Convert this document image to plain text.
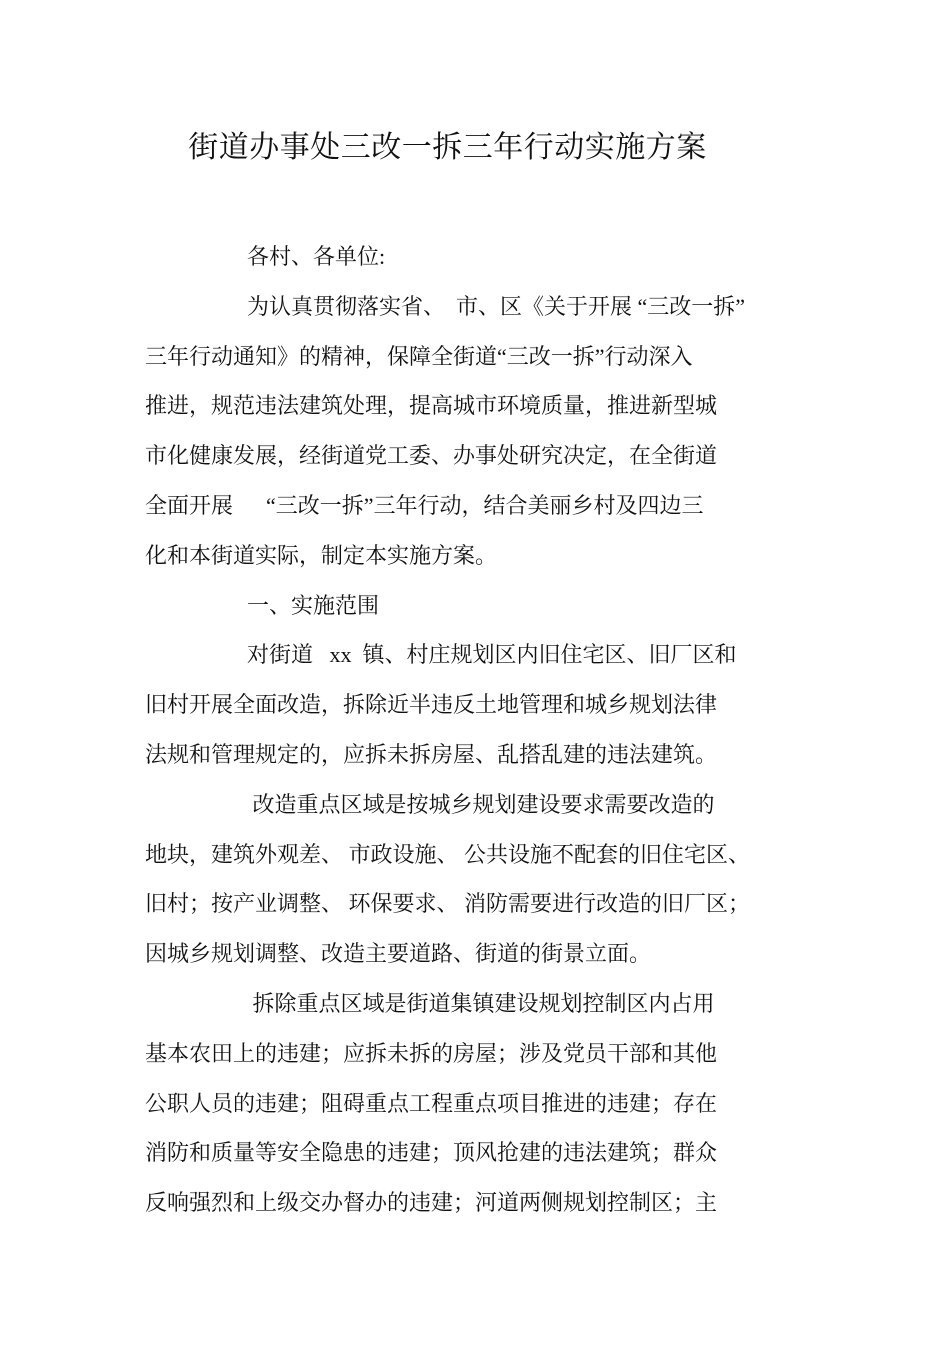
街道办事处三改一拆三年行动实施方案
各村、各单位:
为认真贯彻落实省、  市、区《关于开展 “三改一拆”
三年行动通知》的精神，保障全街道“三改一拆”行动深入
推进，规范违法建筑处理，提高城市环境质量，推进新型城
市化健康发展，经街道党工委、办事处研究决定，在全街道
全面开展      “三改一拆”三年行动，结合美丽乡村及四边三
化和本街道实际，制定本实施方案。
一、实施范围
对街道   xx  镇、村庄规划区内旧住宅区、旧厂区和
旧村开展全面改造，拆除近半违反土地管理和城乡规划法律
法规和管理规定的，应拆未拆房屋、乱搭乱建的违法建筑。
改造重点区域是按城乡规划建设要求需要改造的
地块，建筑外观差、 市政设施、 公共设施不配套的旧住宅区、
旧村；按产业调整、 环保要求、 消防需要进行改造的旧厂区；
因城乡规划调整、改造主要道路、街道的街景立面。
拆除重点区域是街道集镇建设规划控制区内占用
基本农田上的违建；应拆未拆的房屋；涉及党员干部和其他
公职人员的违建；阻碍重点工程重点项目推进的违建；存在
消防和质量等安全隐患的违建；顶风抢建的违法建筑；群众
反响强烈和上级交办督办的违建；河道两侧规划控制区；主
